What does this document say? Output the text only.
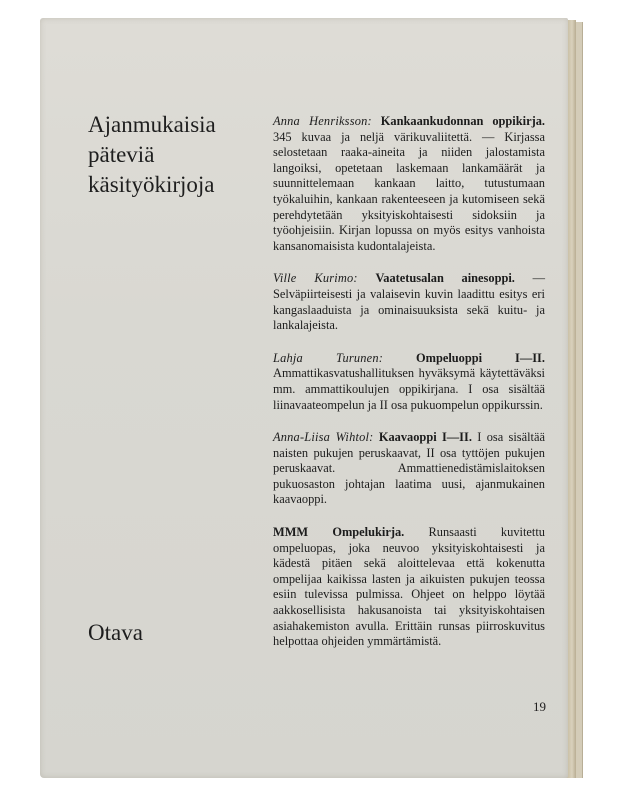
Ajanmukaisia
päteviä
käsityökirjoja
Otava

Anna Henriksson: Kankaankudonnan oppikirja. 345 kuvaa ja neljä värikuvaliitettä. — Kirjassa selostetaan raaka-aineita ja niiden jalostamista langoiksi, opetetaan laskemaan lankamäärät ja suunnittelemaan kankaan laitto, tutustumaan työkaluihin, kankaan rakenteeseen ja kutomiseen sekä perehdytetään yksityiskohtaisesti sidoksiin ja työohjeisiin. Kirjan lopussa on myös esitys vanhoista kansanomaisista kudontalajeista.

Ville Kurimo: Vaatetusalan ainesoppi. — Selväpiirteisesti ja valaisevin kuvin laadittu esitys eri kangaslaaduista ja ominaisuuksista sekä kuitu- ja lankalajeista.

Lahja Turunen:	Ompeluoppi I—II. Ammattikasvatushallituksen hyväksymä käytettäväksi mm. ammattikoulujen oppikirjana. I osa sisältää liinavaateompelun ja II osa pukuompelun oppikurssin.

Anna-Liisa Wihtol: Kaavaoppi I—II. I osa sisältää naisten pukujen peruskaavat, II osa tyttöjen pukujen peruskaavat. Ammattienedistämislaitoksen pukuosaston johtajan laatima uusi, ajanmukainen kaavaoppi.

MMM Ompelukirja. Runsaasti kuvitettu ompeluopas, joka neuvoo yksityiskohtaisesti ja kädestä pitäen sekä aloittelevaa että kokenutta ompelijaa kaikissa lasten ja aikuisten pukujen teossa esiin tulevissa pulmissa. Ohjeet on helppo löytää aakkosellisista hakusanoista tai yksityiskohtaisen asiahakemiston avulla. Erittäin runsas piirroskuvitus helpottaa ohjeiden ymmärtämistä.

19
